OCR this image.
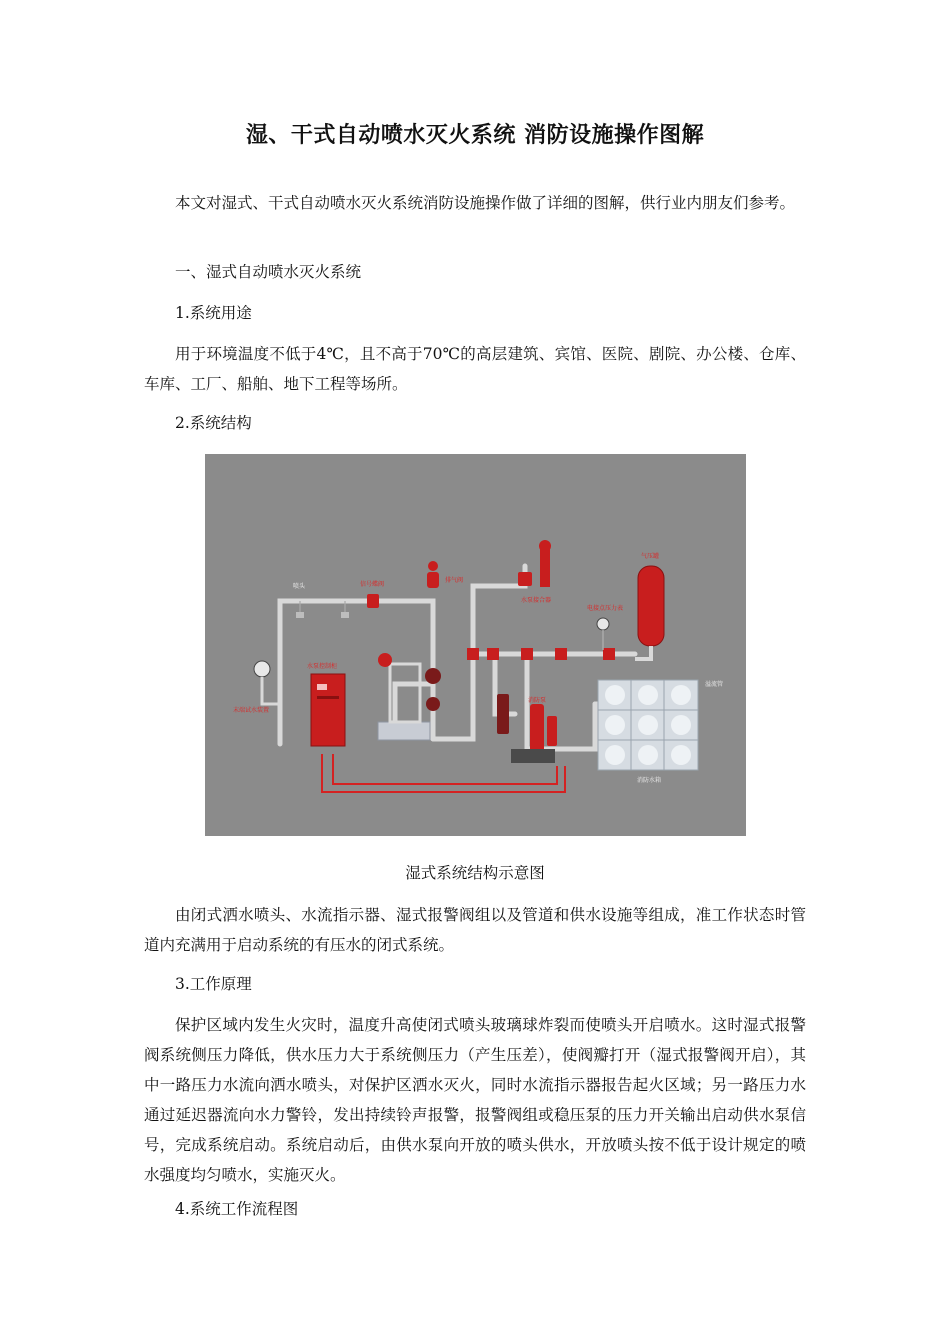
湿、干式自动喷水灭火系统 消防设施操作图解

本文对湿式、干式自动喷水灭火系统消防设施操作做了详细的图解，供行业内朋友们参考。

一、湿式自动喷水灭火系统

1.系统用途

用于环境温度不低于4℃，且不高于70℃的高层建筑、宾馆、医院、剧院、办公楼、仓库、车库、工厂、船舶、地下工程等场所。

2.系统结构

喷头	信号蝶阀
排气阀
水泵接合器
气压罐
电接点压力表
末端试水装置
水泵控制柜
溢流管
消防泵
消防水箱

湿式系统结构示意图

由闭式洒水喷头、水流指示器、湿式报警阀组以及管道和供水设施等组成，准工作状态时管道内充满用于启动系统的有压水的闭式系统。

3.工作原理

保护区域内发生火灾时，温度升高使闭式喷头玻璃球炸裂而使喷头开启喷水。这时湿式报警阀系统侧压力降低，供水压力大于系统侧压力（产生压差），使阀瓣打开（湿式报警阀开启），其中一路压力水流向洒水喷头，对保护区洒水灭火，同时水流指示器报告起火区域；另一路压力水通过延迟器流向水力警铃，发出持续铃声报警，报警阀组或稳压泵的压力开关输出启动供水泵信号，完成系统启动。系统启动后，由供水泵向开放的喷头供水，开放喷头按不低于设计规定的喷水强度均匀喷水，实施灭火。

4.系统工作流程图
